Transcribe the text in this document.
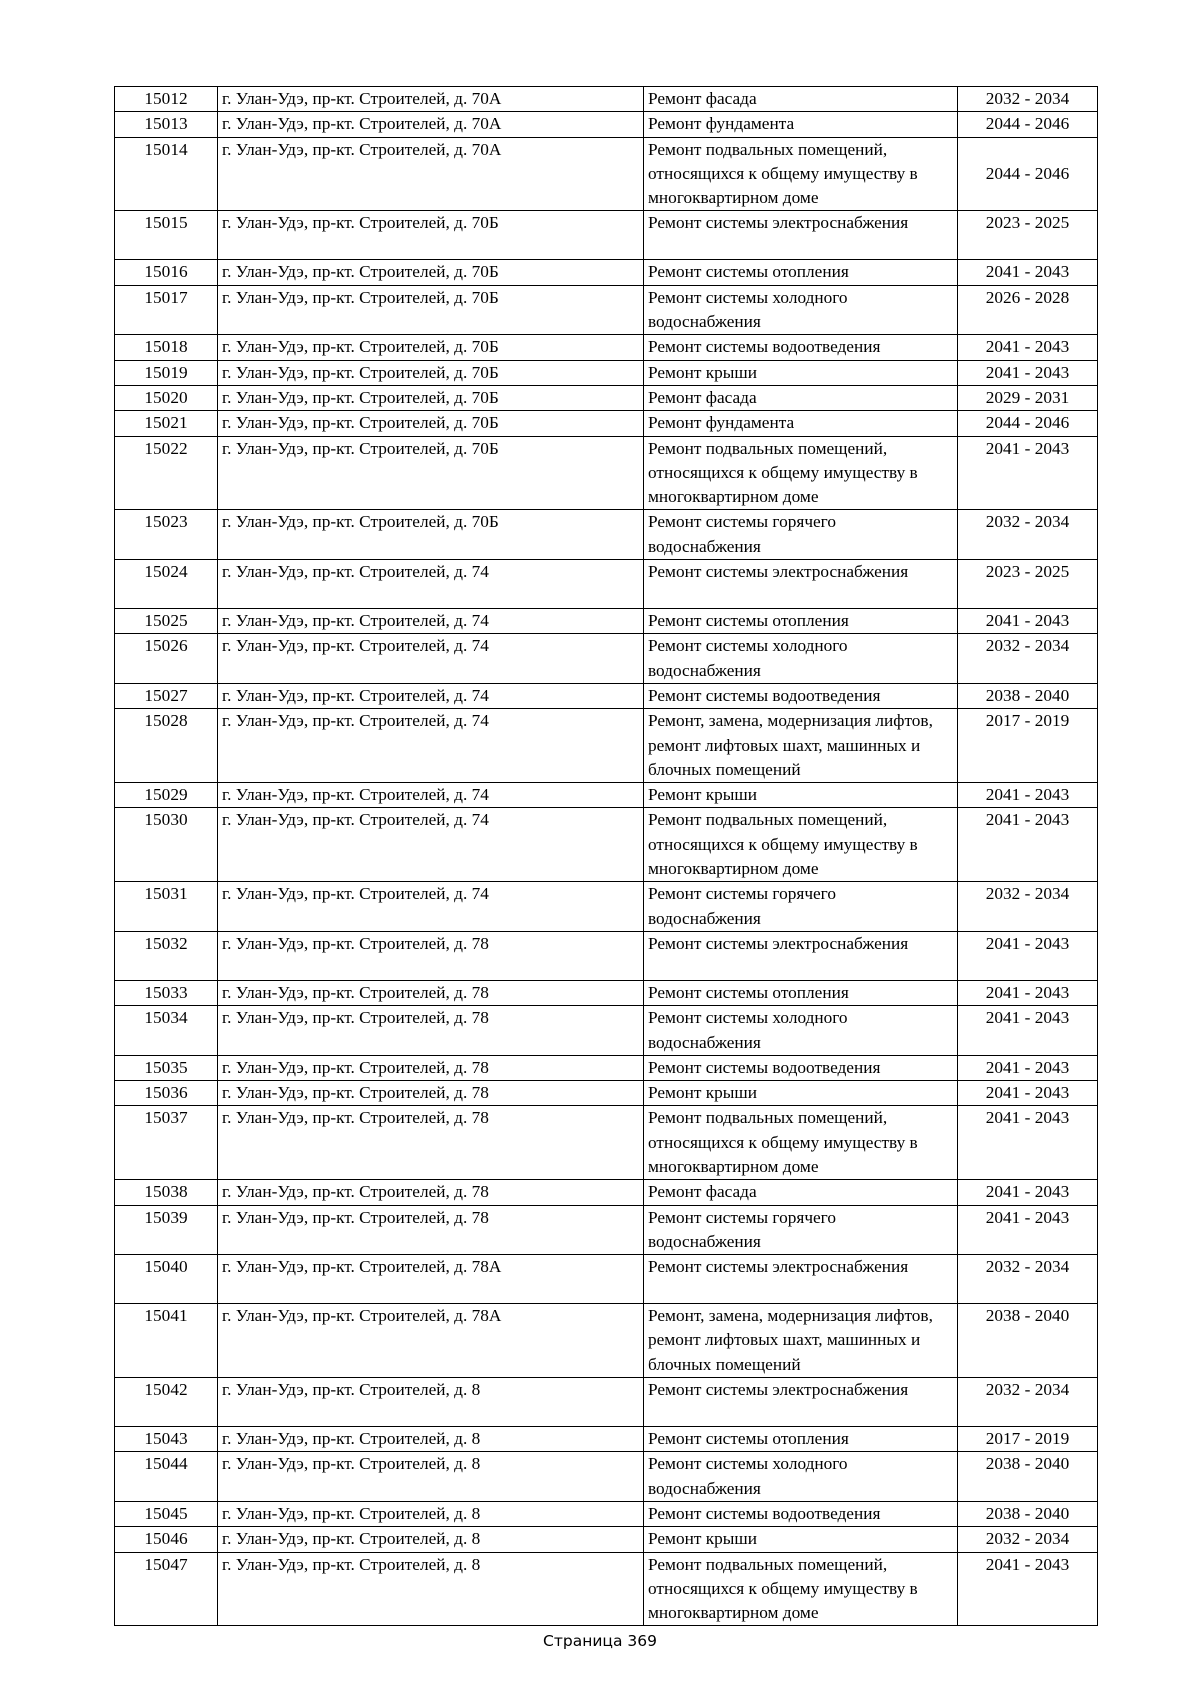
15012	г. Улан-Удэ, пр-кт. Строителей, д. 70А	Ремонт фасада	2032 - 2034
15013	г. Улан-Удэ, пр-кт. Строителей, д. 70А	Ремонт фундамента	2044 - 2046
15014	г. Улан-Удэ, пр-кт. Строителей, д. 70А	Ремонт подвальных помещений, относящихся к общему имуществу в многоквартирном доме	2044 - 2046
15015	г. Улан-Удэ, пр-кт. Строителей, д. 70Б	Ремонт системы электроснабжения	2023 - 2025
15016	г. Улан-Удэ, пр-кт. Строителей, д. 70Б	Ремонт системы отопления	2041 - 2043
15017	г. Улан-Удэ, пр-кт. Строителей, д. 70Б	Ремонт системы холодного водоснабжения	2026 - 2028
15018	г. Улан-Удэ, пр-кт. Строителей, д. 70Б	Ремонт системы водоотведения	2041 - 2043
15019	г. Улан-Удэ, пр-кт. Строителей, д. 70Б	Ремонт крыши	2041 - 2043
15020	г. Улан-Удэ, пр-кт. Строителей, д. 70Б	Ремонт фасада	2029 - 2031
15021	г. Улан-Удэ, пр-кт. Строителей, д. 70Б	Ремонт фундамента	2044 - 2046
15022	г. Улан-Удэ, пр-кт. Строителей, д. 70Б	Ремонт подвальных помещений, относящихся к общему имуществу в многоквартирном доме	2041 - 2043
15023	г. Улан-Удэ, пр-кт. Строителей, д. 70Б	Ремонт системы горячего водоснабжения	2032 - 2034
15024	г. Улан-Удэ, пр-кт. Строителей, д. 74	Ремонт системы электроснабжения	2023 - 2025
15025	г. Улан-Удэ, пр-кт. Строителей, д. 74	Ремонт системы отопления	2041 - 2043
15026	г. Улан-Удэ, пр-кт. Строителей, д. 74	Ремонт системы холодного водоснабжения	2032 - 2034
15027	г. Улан-Удэ, пр-кт. Строителей, д. 74	Ремонт системы водоотведения	2038 - 2040
15028	г. Улан-Удэ, пр-кт. Строителей, д. 74	Ремонт, замена, модернизация лифтов, ремонт лифтовых шахт, машинных и блочных помещений	2017 - 2019
15029	г. Улан-Удэ, пр-кт. Строителей, д. 74	Ремонт крыши	2041 - 2043
15030	г. Улан-Удэ, пр-кт. Строителей, д. 74	Ремонт подвальных помещений, относящихся к общему имуществу в многоквартирном доме	2041 - 2043
15031	г. Улан-Удэ, пр-кт. Строителей, д. 74	Ремонт системы горячего водоснабжения	2032 - 2034
15032	г. Улан-Удэ, пр-кт. Строителей, д. 78	Ремонт системы электроснабжения	2041 - 2043
15033	г. Улан-Удэ, пр-кт. Строителей, д. 78	Ремонт системы отопления	2041 - 2043
15034	г. Улан-Удэ, пр-кт. Строителей, д. 78	Ремонт системы холодного водоснабжения	2041 - 2043
15035	г. Улан-Удэ, пр-кт. Строителей, д. 78	Ремонт системы водоотведения	2041 - 2043
15036	г. Улан-Удэ, пр-кт. Строителей, д. 78	Ремонт крыши	2041 - 2043
15037	г. Улан-Удэ, пр-кт. Строителей, д. 78	Ремонт подвальных помещений, относящихся к общему имуществу в многоквартирном доме	2041 - 2043
15038	г. Улан-Удэ, пр-кт. Строителей, д. 78	Ремонт фасада	2041 - 2043
15039	г. Улан-Удэ, пр-кт. Строителей, д. 78	Ремонт системы горячего водоснабжения	2041 - 2043
15040	г. Улан-Удэ, пр-кт. Строителей, д. 78А	Ремонт системы электроснабжения	2032 - 2034
15041	г. Улан-Удэ, пр-кт. Строителей, д. 78А	Ремонт, замена, модернизация лифтов, ремонт лифтовых шахт, машинных и блочных помещений	2038 - 2040
15042	г. Улан-Удэ, пр-кт. Строителей, д. 8	Ремонт системы электроснабжения	2032 - 2034
15043	г. Улан-Удэ, пр-кт. Строителей, д. 8	Ремонт системы отопления	2017 - 2019
15044	г. Улан-Удэ, пр-кт. Строителей, д. 8	Ремонт системы холодного водоснабжения	2038 - 2040
15045	г. Улан-Удэ, пр-кт. Строителей, д. 8	Ремонт системы водоотведения	2038 - 2040
15046	г. Улан-Удэ, пр-кт. Строителей, д. 8	Ремонт крыши	2032 - 2034
15047	г. Улан-Удэ, пр-кт. Строителей, д. 8	Ремонт подвальных помещений, относящихся к общему имуществу в многоквартирном доме	2041 - 2043
Страница 369
